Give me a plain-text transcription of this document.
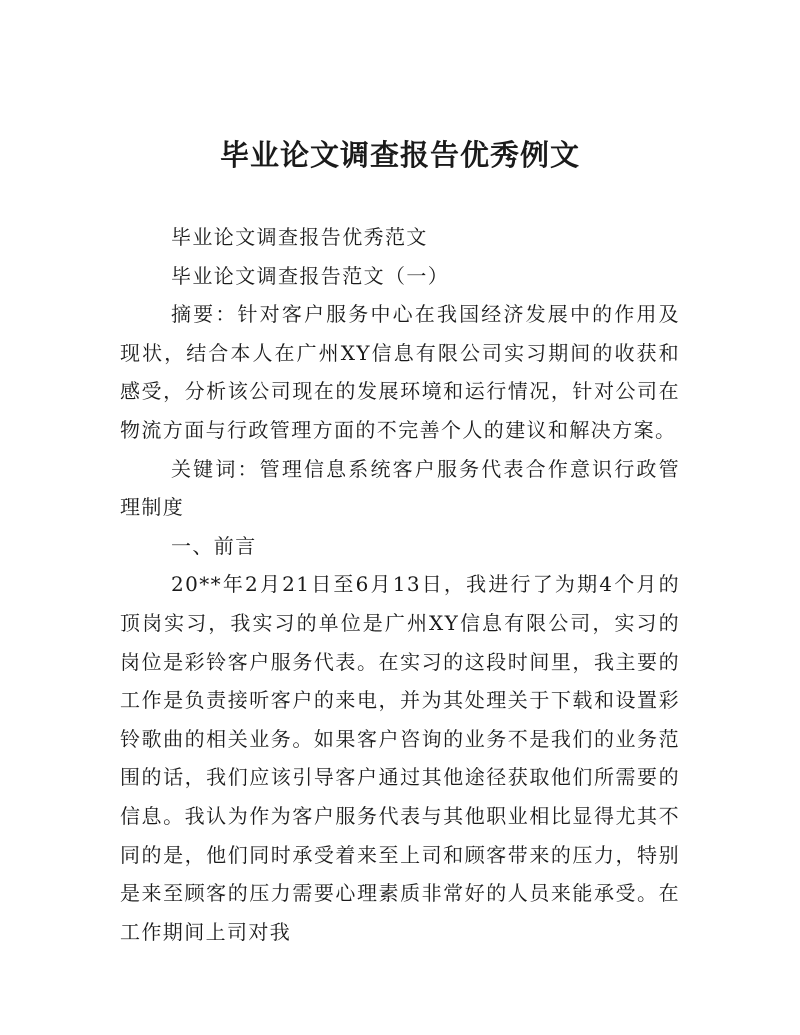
毕业论文调查报告优秀例文

毕业论文调查报告优秀范文

毕业论文调查报告范文（一）

摘要：针对客户服务中心在我国经济发展中的作用及现状，结合本人在广州XY信息有限公司实习期间的收获和感受，分析该公司现在的发展环境和运行情况，针对公司在物流方面与行政管理方面的不完善个人的建议和解决方案。

关键词：管理信息系统客户服务代表合作意识行政管理制度

一、前言

20**年2月21日至6月13日，我进行了为期4个月的顶岗实习，我实习的单位是广州XY信息有限公司，实习的岗位是彩铃客户服务代表。在实习的这段时间里，我主要的工作是负责接听客户的来电，并为其处理关于下载和设置彩铃歌曲的相关业务。如果客户咨询的业务不是我们的业务范围的话，我们应该引导客户通过其他途径获取他们所需要的信息。我认为作为客户服务代表与其他职业相比显得尤其不同的是，他们同时承受着来至上司和顾客带来的压力，特别是来至顾客的压力需要心理素质非常好的人员来能承受。在工作期间上司对我
